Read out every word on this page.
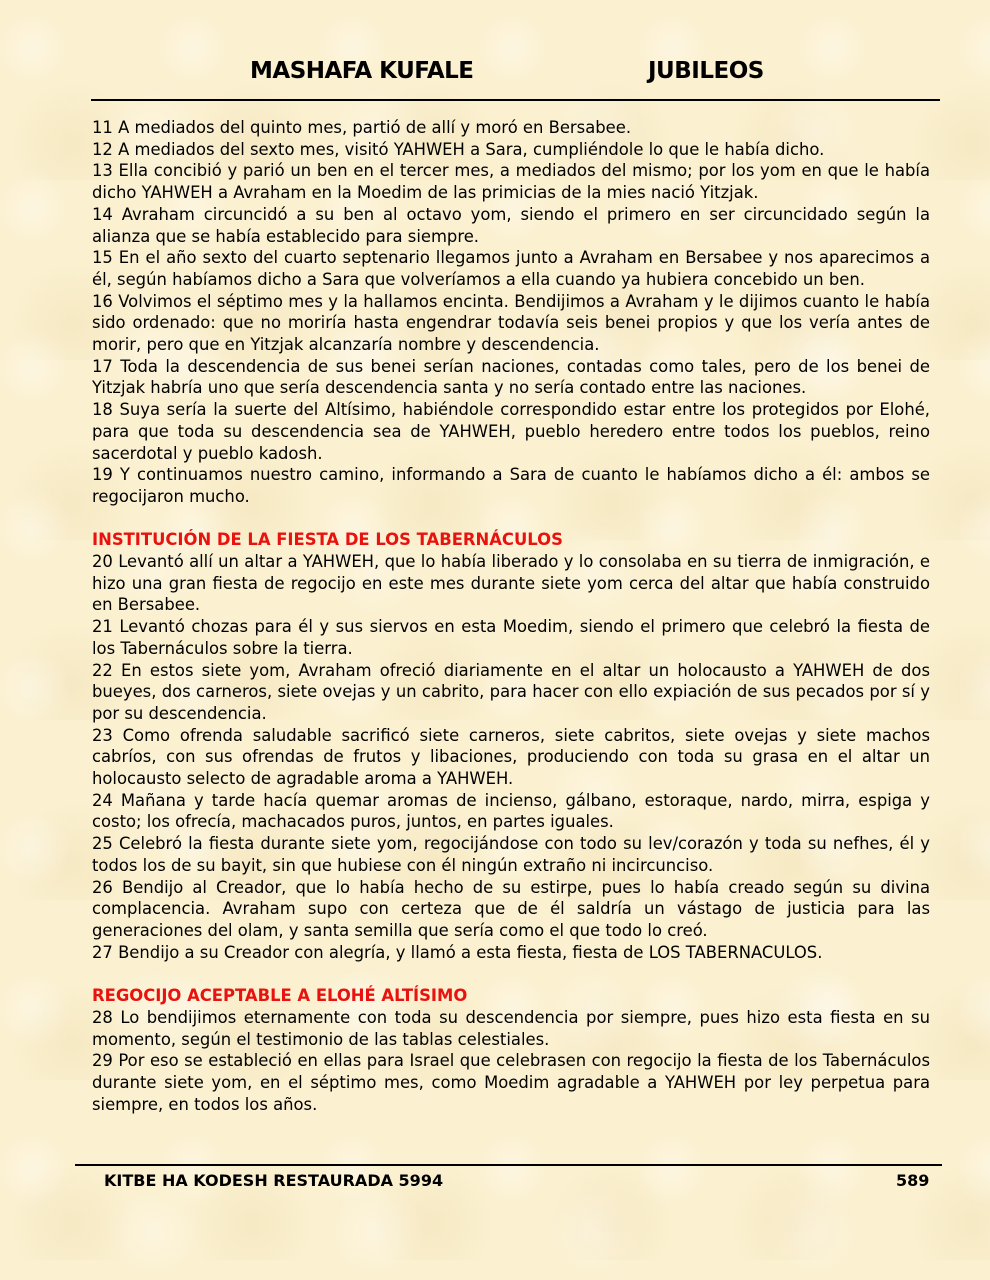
MASHAFA KUFALE	JUBILEOS

11 A mediados del quinto mes, partió de allí y moró en Bersabee.

12 A mediados del sexto mes, visitó YAHWEH a Sara, cumpliéndole lo que le había dicho.

13 Ella concibió y parió un ben en el tercer mes, a mediados del mismo; por los yom en que le había dicho YAHWEH a Avraham en la Moedim de las primicias de la mies nació Yitzjak.

14 Avraham circuncidó a su ben al octavo yom, siendo el primero en ser circuncidado según la alianza que se había establecido para siempre.

15 En el año sexto del cuarto septenario llegamos junto a Avraham en Bersabee y nos aparecimos a él, según habíamos dicho a Sara que volveríamos a ella cuando ya hubiera concebido un ben.

16 Volvimos el séptimo mes y la hallamos encinta. Bendijimos a Avraham y le dijimos cuanto le había sido ordenado: que no moriría hasta engendrar todavía seis benei propios y que los vería antes de morir, pero que en Yitzjak alcanzaría nombre y descendencia.

17 Toda la descendencia de sus benei serían naciones, contadas como tales, pero de los benei de Yitzjak habría uno que sería descendencia santa y no sería contado entre las naciones.

18 Suya sería la suerte del Altísimo, habiéndole correspondido estar entre los protegidos por Elohé, para que toda su descendencia sea de YAHWEH, pueblo heredero entre todos los pueblos, reino sacerdotal y pueblo kadosh.

19 Y continuamos nuestro camino, informando a Sara de cuanto le habíamos dicho a él: ambos se regocijaron mucho.

INSTITUCIÓN DE LA FIESTA DE LOS TABERNÁCULOS

20 Levantó allí un altar a YAHWEH, que lo había liberado y lo consolaba en su tierra de inmigración, e hizo una gran fiesta de regocijo en este mes durante siete yom cerca del altar que había construido en Bersabee.

21 Levantó chozas para él y sus siervos en esta Moedim, siendo el primero que celebró la fiesta de los Tabernáculos sobre la tierra.

22 En estos siete yom, Avraham ofreció diariamente en el altar un holocausto a YAHWEH de dos bueyes, dos carneros, siete ovejas y un cabrito, para hacer con ello expiación de sus pecados por sí y por su descendencia.

23 Como ofrenda saludable sacrificó siete carneros, siete cabritos, siete ovejas y siete machos cabríos, con sus ofrendas de frutos y libaciones, produciendo con toda su grasa en el altar un holocausto selecto de agradable aroma a YAHWEH.

24 Mañana y tarde hacía quemar aromas de incienso, gálbano, estoraque, nardo, mirra, espiga y costo; los ofrecía, machacados puros, juntos, en partes iguales.

25 Celebró la fiesta durante siete yom, regocijándose con todo su lev/corazón y toda su nefhes, él y todos los de su bayit, sin que hubiese con él ningún extraño ni incircunciso.

26 Bendijo al Creador, que lo había hecho de su estirpe, pues lo había creado según su divina complacencia. Avraham supo con certeza que de él saldría un vástago de justicia para las generaciones del olam, y santa semilla que sería como el que todo lo creó.

27 Bendijo a su Creador con alegría, y llamó a esta fiesta, fiesta de LOS TABERNACULOS.

REGOCIJO ACEPTABLE A ELOHÉ ALTÍSIMO

28 Lo bendijimos eternamente con toda su descendencia por siempre, pues hizo esta fiesta en su momento, según el testimonio de las tablas celestiales.

29 Por eso se estableció en ellas para Israel que celebrasen con regocijo la fiesta de los Tabernáculos durante siete yom, en el séptimo mes, como Moedim agradable a YAHWEH por ley perpetua para siempre, en todos los años.

KITBE HA KODESH RESTAURADA 5994	589
